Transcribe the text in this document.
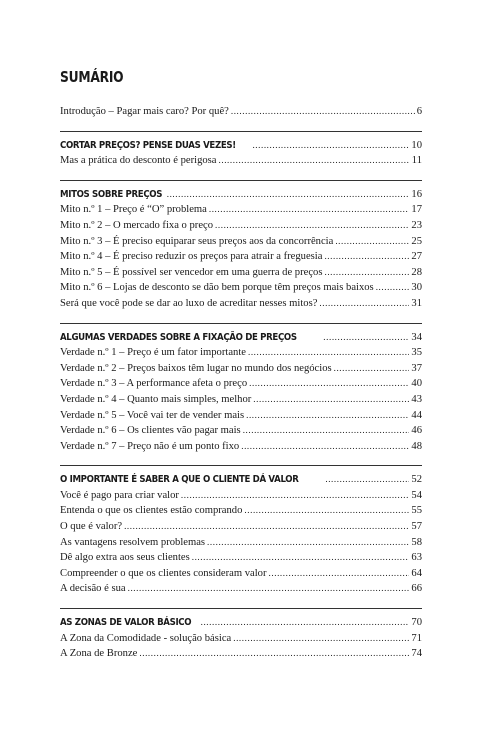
SUMÁRIO
Introdução – Pagar mais caro? Por quê? .....	6
CORTAR PREÇOS? PENSE DUAS VEZES! .....	10
Mas a prática do desconto é perigosa .....	11
MITOS SOBRE PREÇOS .....	16
Mito n.º 1 – Preço é “O” problema .....	17
Mito n.º 2 – O mercado fixa o preço .....	23
Mito n.º 3 – É preciso equiparar seus preços aos da concorrência .....	25
Mito n.º 4 – É preciso reduzir os preços para atrair a freguesia .....	27
Mito n.º 5 – É possível ser vencedor em uma guerra de preços .....	28
Mito n.º 6 – Lojas de desconto se dão bem porque têm preços mais baixos .....	30
Será que você pode se dar ao luxo de acreditar nesses mitos? .....	31
ALGUMAS VERDADES SOBRE A FIXAÇÃO DE PREÇOS .....	34
Verdade n.º 1 – Preço é um fator importante .....	35
Verdade n.º 2 – Preços baixos têm lugar no mundo dos negócios .....	37
Verdade n.º 3 – A performance afeta o preço .....	40
Verdade n.º 4 – Quanto mais simples, melhor .....	43
Verdade n.º 5 – Você vai ter de vender mais .....	44
Verdade n.º 6 – Os clientes vão pagar mais .....	46
Verdade n.º 7 – Preço não é um ponto fixo .....	48
O IMPORTANTE É SABER A QUE O CLIENTE DÁ VALOR .....	52
Você é pago para criar valor .....	54
Entenda o que os clientes estão comprando .....	55
O que é valor? .....	57
As vantagens resolvem problemas .....	58
Dê algo extra aos seus clientes .....	63
Compreender o que os clientes consideram valor .....	64
A decisão é sua .....	66
AS ZONAS DE VALOR BÁSICO .....	70
A Zona da Comodidade - solução básica .....	71
A Zona de Bronze .....	74
